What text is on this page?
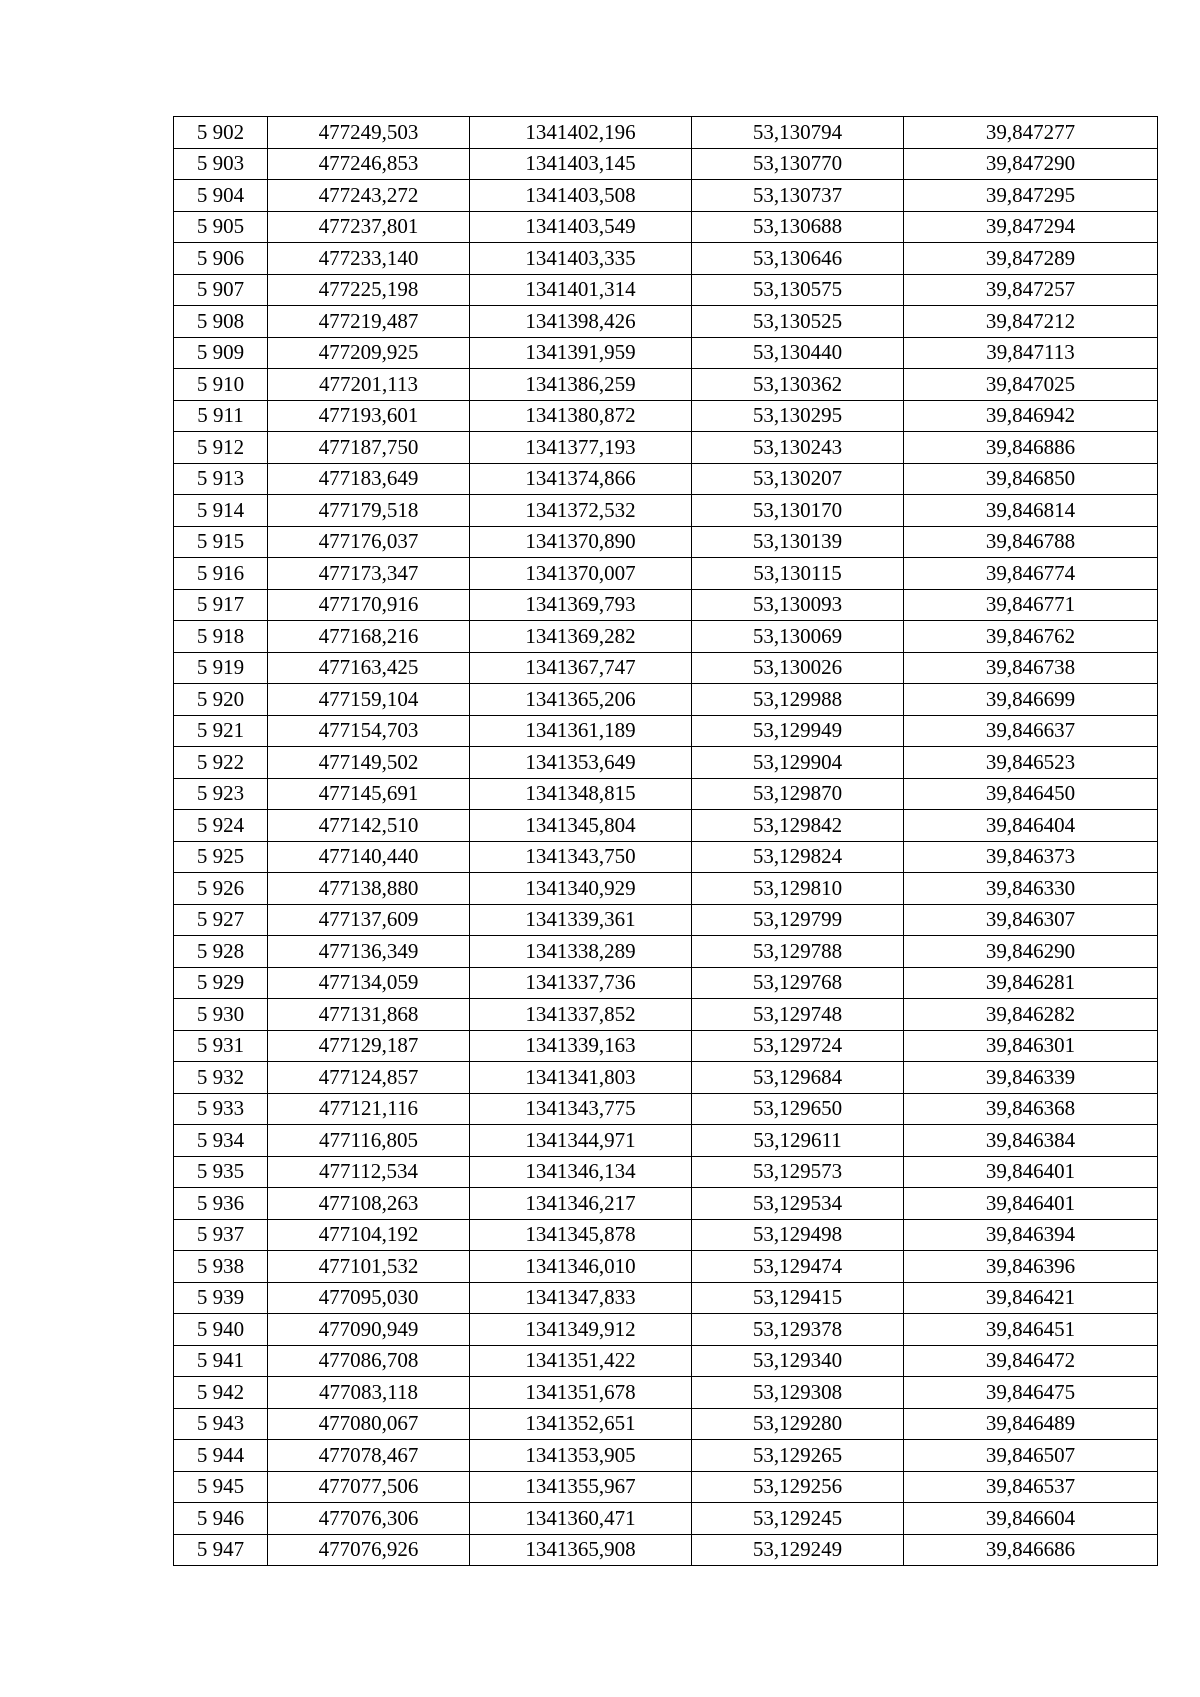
5 902	477249,503	1341402,196	53,130794	39,847277
5 903	477246,853	1341403,145	53,130770	39,847290
5 904	477243,272	1341403,508	53,130737	39,847295
5 905	477237,801	1341403,549	53,130688	39,847294
5 906	477233,140	1341403,335	53,130646	39,847289
5 907	477225,198	1341401,314	53,130575	39,847257
5 908	477219,487	1341398,426	53,130525	39,847212
5 909	477209,925	1341391,959	53,130440	39,847113
5 910	477201,113	1341386,259	53,130362	39,847025
5 911	477193,601	1341380,872	53,130295	39,846942
5 912	477187,750	1341377,193	53,130243	39,846886
5 913	477183,649	1341374,866	53,130207	39,846850
5 914	477179,518	1341372,532	53,130170	39,846814
5 915	477176,037	1341370,890	53,130139	39,846788
5 916	477173,347	1341370,007	53,130115	39,846774
5 917	477170,916	1341369,793	53,130093	39,846771
5 918	477168,216	1341369,282	53,130069	39,846762
5 919	477163,425	1341367,747	53,130026	39,846738
5 920	477159,104	1341365,206	53,129988	39,846699
5 921	477154,703	1341361,189	53,129949	39,846637
5 922	477149,502	1341353,649	53,129904	39,846523
5 923	477145,691	1341348,815	53,129870	39,846450
5 924	477142,510	1341345,804	53,129842	39,846404
5 925	477140,440	1341343,750	53,129824	39,846373
5 926	477138,880	1341340,929	53,129810	39,846330
5 927	477137,609	1341339,361	53,129799	39,846307
5 928	477136,349	1341338,289	53,129788	39,846290
5 929	477134,059	1341337,736	53,129768	39,846281
5 930	477131,868	1341337,852	53,129748	39,846282
5 931	477129,187	1341339,163	53,129724	39,846301
5 932	477124,857	1341341,803	53,129684	39,846339
5 933	477121,116	1341343,775	53,129650	39,846368
5 934	477116,805	1341344,971	53,129611	39,846384
5 935	477112,534	1341346,134	53,129573	39,846401
5 936	477108,263	1341346,217	53,129534	39,846401
5 937	477104,192	1341345,878	53,129498	39,846394
5 938	477101,532	1341346,010	53,129474	39,846396
5 939	477095,030	1341347,833	53,129415	39,846421
5 940	477090,949	1341349,912	53,129378	39,846451
5 941	477086,708	1341351,422	53,129340	39,846472
5 942	477083,118	1341351,678	53,129308	39,846475
5 943	477080,067	1341352,651	53,129280	39,846489
5 944	477078,467	1341353,905	53,129265	39,846507
5 945	477077,506	1341355,967	53,129256	39,846537
5 946	477076,306	1341360,471	53,129245	39,846604
5 947	477076,926	1341365,908	53,129249	39,846686
